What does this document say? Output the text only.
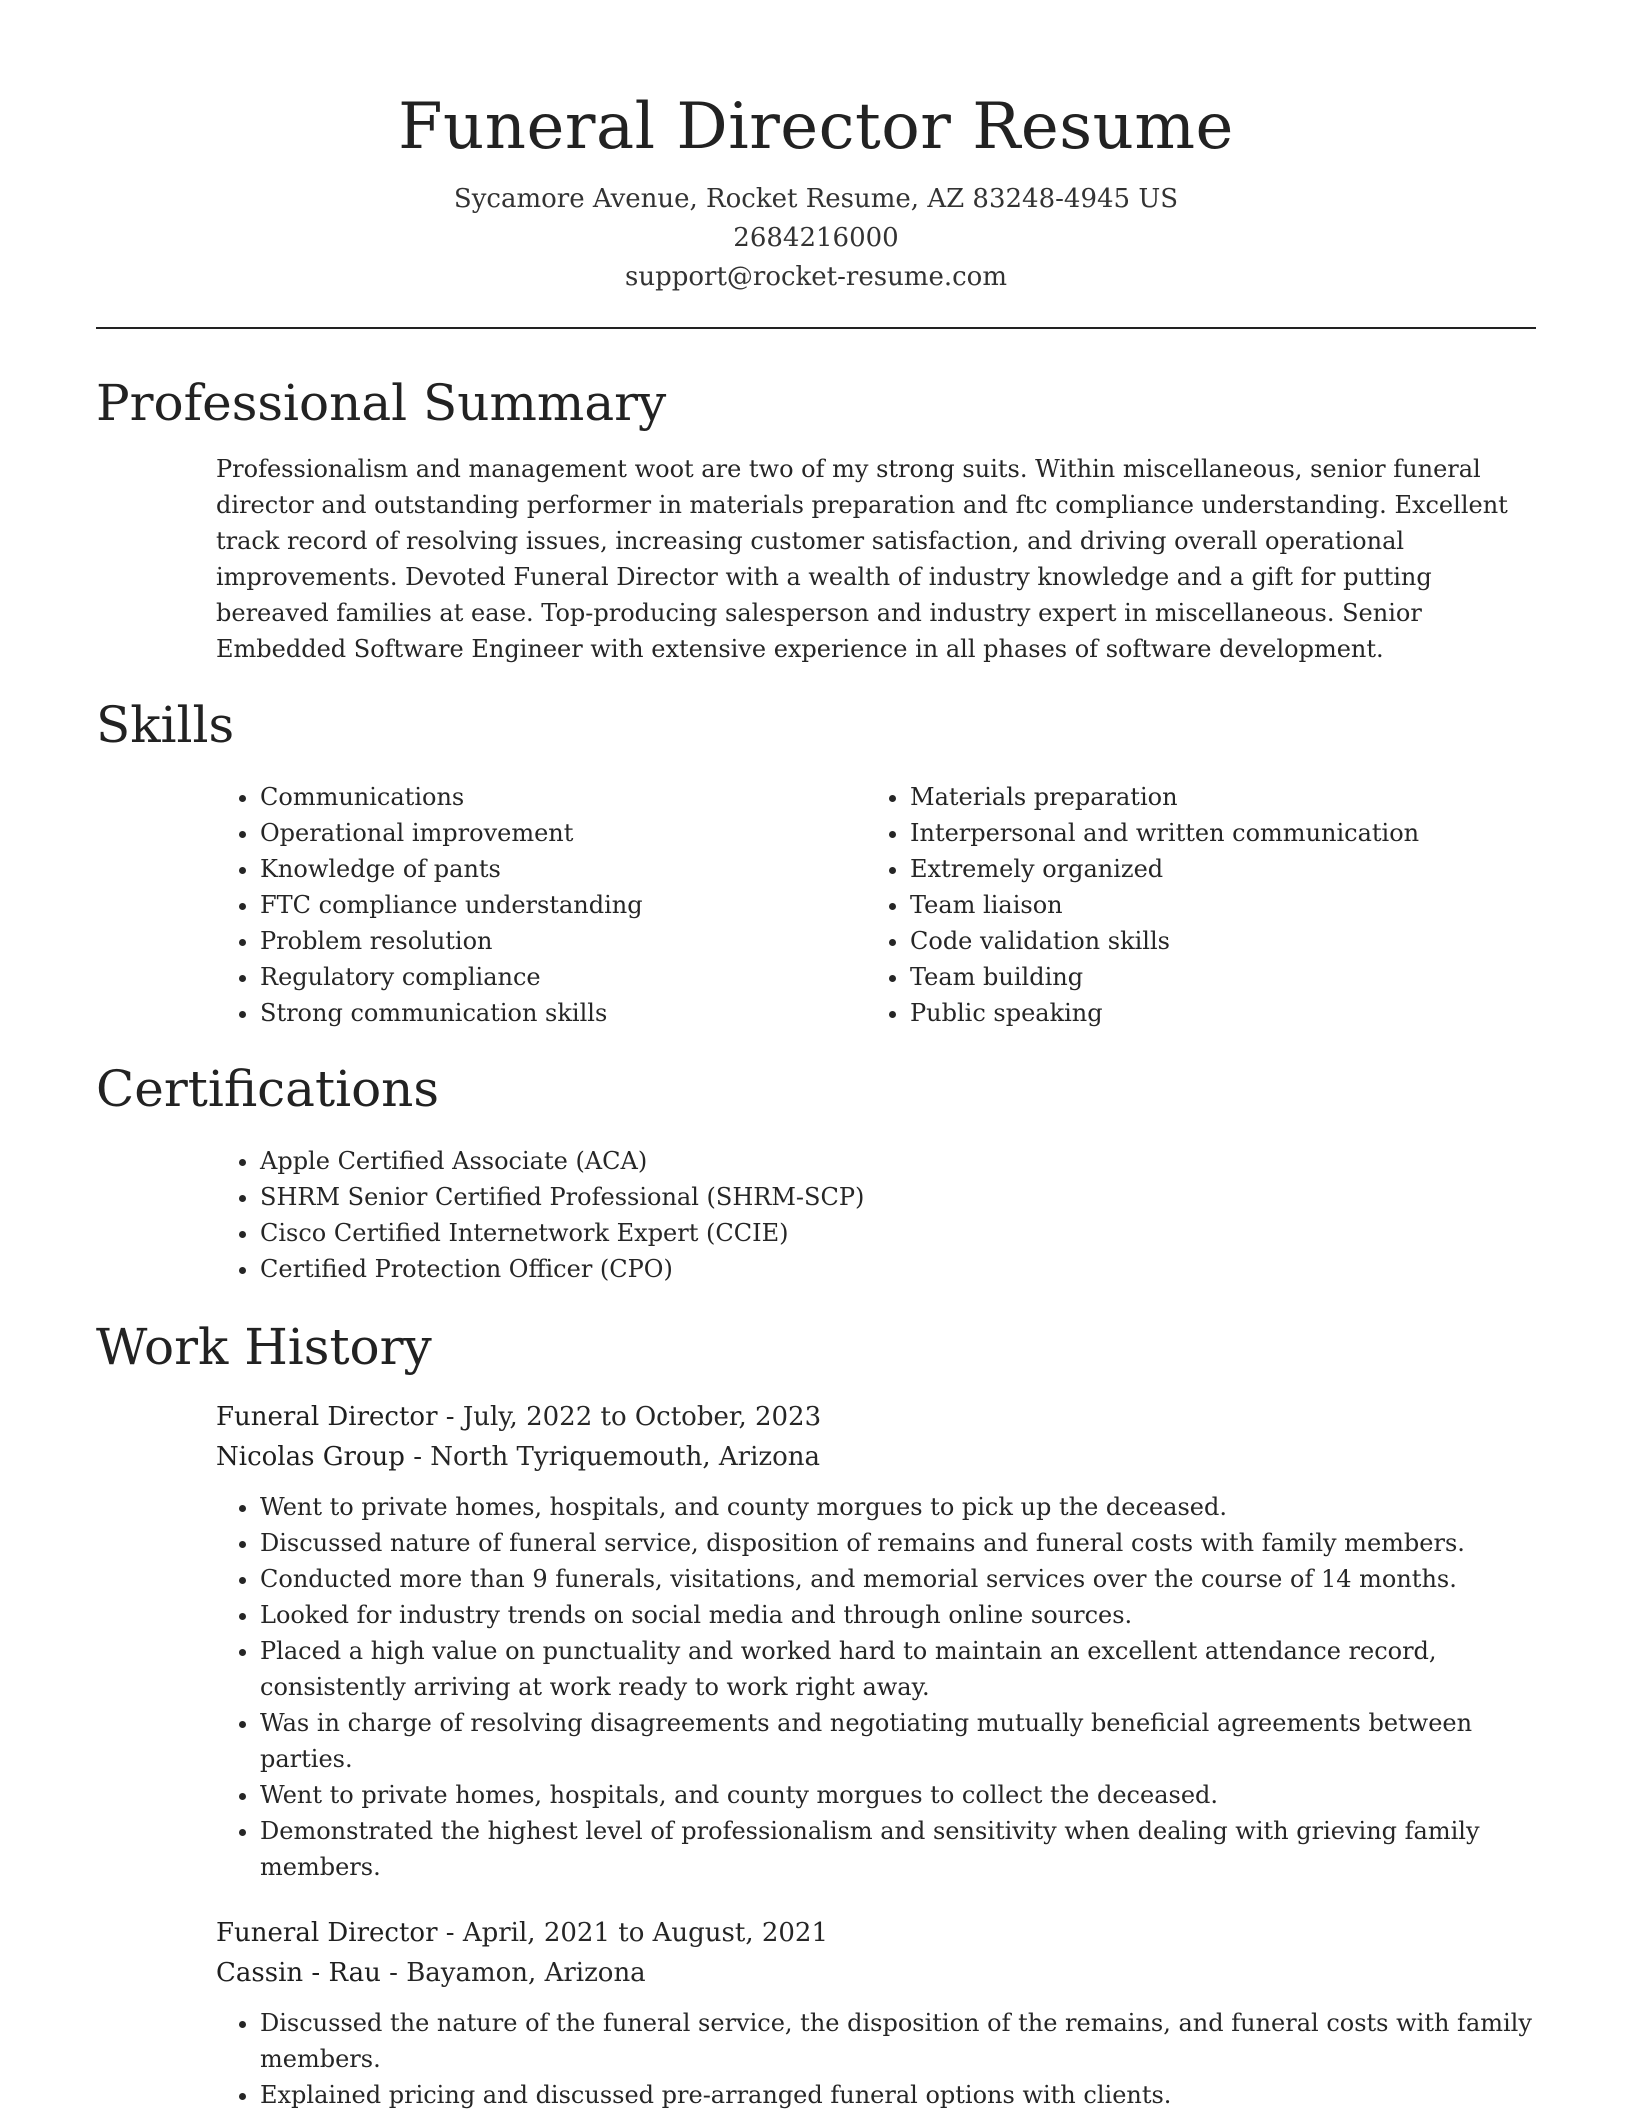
Funeral Director Resume
Sycamore Avenue, Rocket Resume, AZ 83248-4945 US
2684216000
support@rocket-resume.com
Professional Summary

Professionalism and management woot are two of my strong suits. Within miscellaneous, senior funeral director and outstanding performer in materials preparation and ftc compliance understanding. Excellent track record of resolving issues, increasing customer satisfaction, and driving overall operational improvements. Devoted Funeral Director with a wealth of industry knowledge and a gift for putting bereaved families at ease. Top-producing salesperson and industry expert in miscellaneous. Senior Embedded Software Engineer with extensive experience in all phases of software development.

Skills
• Communications
• Operational improvement
• Knowledge of pants
• FTC compliance understanding
• Problem resolution
• Regulatory compliance
• Strong communication skills
• Materials preparation
• Interpersonal and written communication
• Extremely organized
• Team liaison
• Code validation skills
• Team building
• Public speaking
Certifications
• Apple Certified Associate (ACA)
• SHRM Senior Certified Professional (SHRM-SCP)
• Cisco Certified Internetwork Expert (CCIE)
• Certified Protection Officer (CPO)
Work History
Funeral Director - July, 2022 to October, 2023
Nicolas Group - North Tyriquemouth, Arizona
• Went to private homes, hospitals, and county morgues to pick up the deceased.
• Discussed nature of funeral service, disposition of remains and funeral costs with family members.
• Conducted more than 9 funerals, visitations, and memorial services over the course of 14 months.
• Looked for industry trends on social media and through online sources.
• Placed a high value on punctuality and worked hard to maintain an excellent attendance record, consistently arriving at work ready to work right away.
• Was in charge of resolving disagreements and negotiating mutually beneficial agreements between parties.
• Went to private homes, hospitals, and county morgues to collect the deceased.
• Demonstrated the highest level of professionalism and sensitivity when dealing with grieving family members.
Funeral Director - April, 2021 to August, 2021
Cassin - Rau - Bayamon, Arizona
• Discussed the nature of the funeral service, the disposition of the remains, and funeral costs with family members.
• Explained pricing and discussed pre-arranged funeral options with clients.
